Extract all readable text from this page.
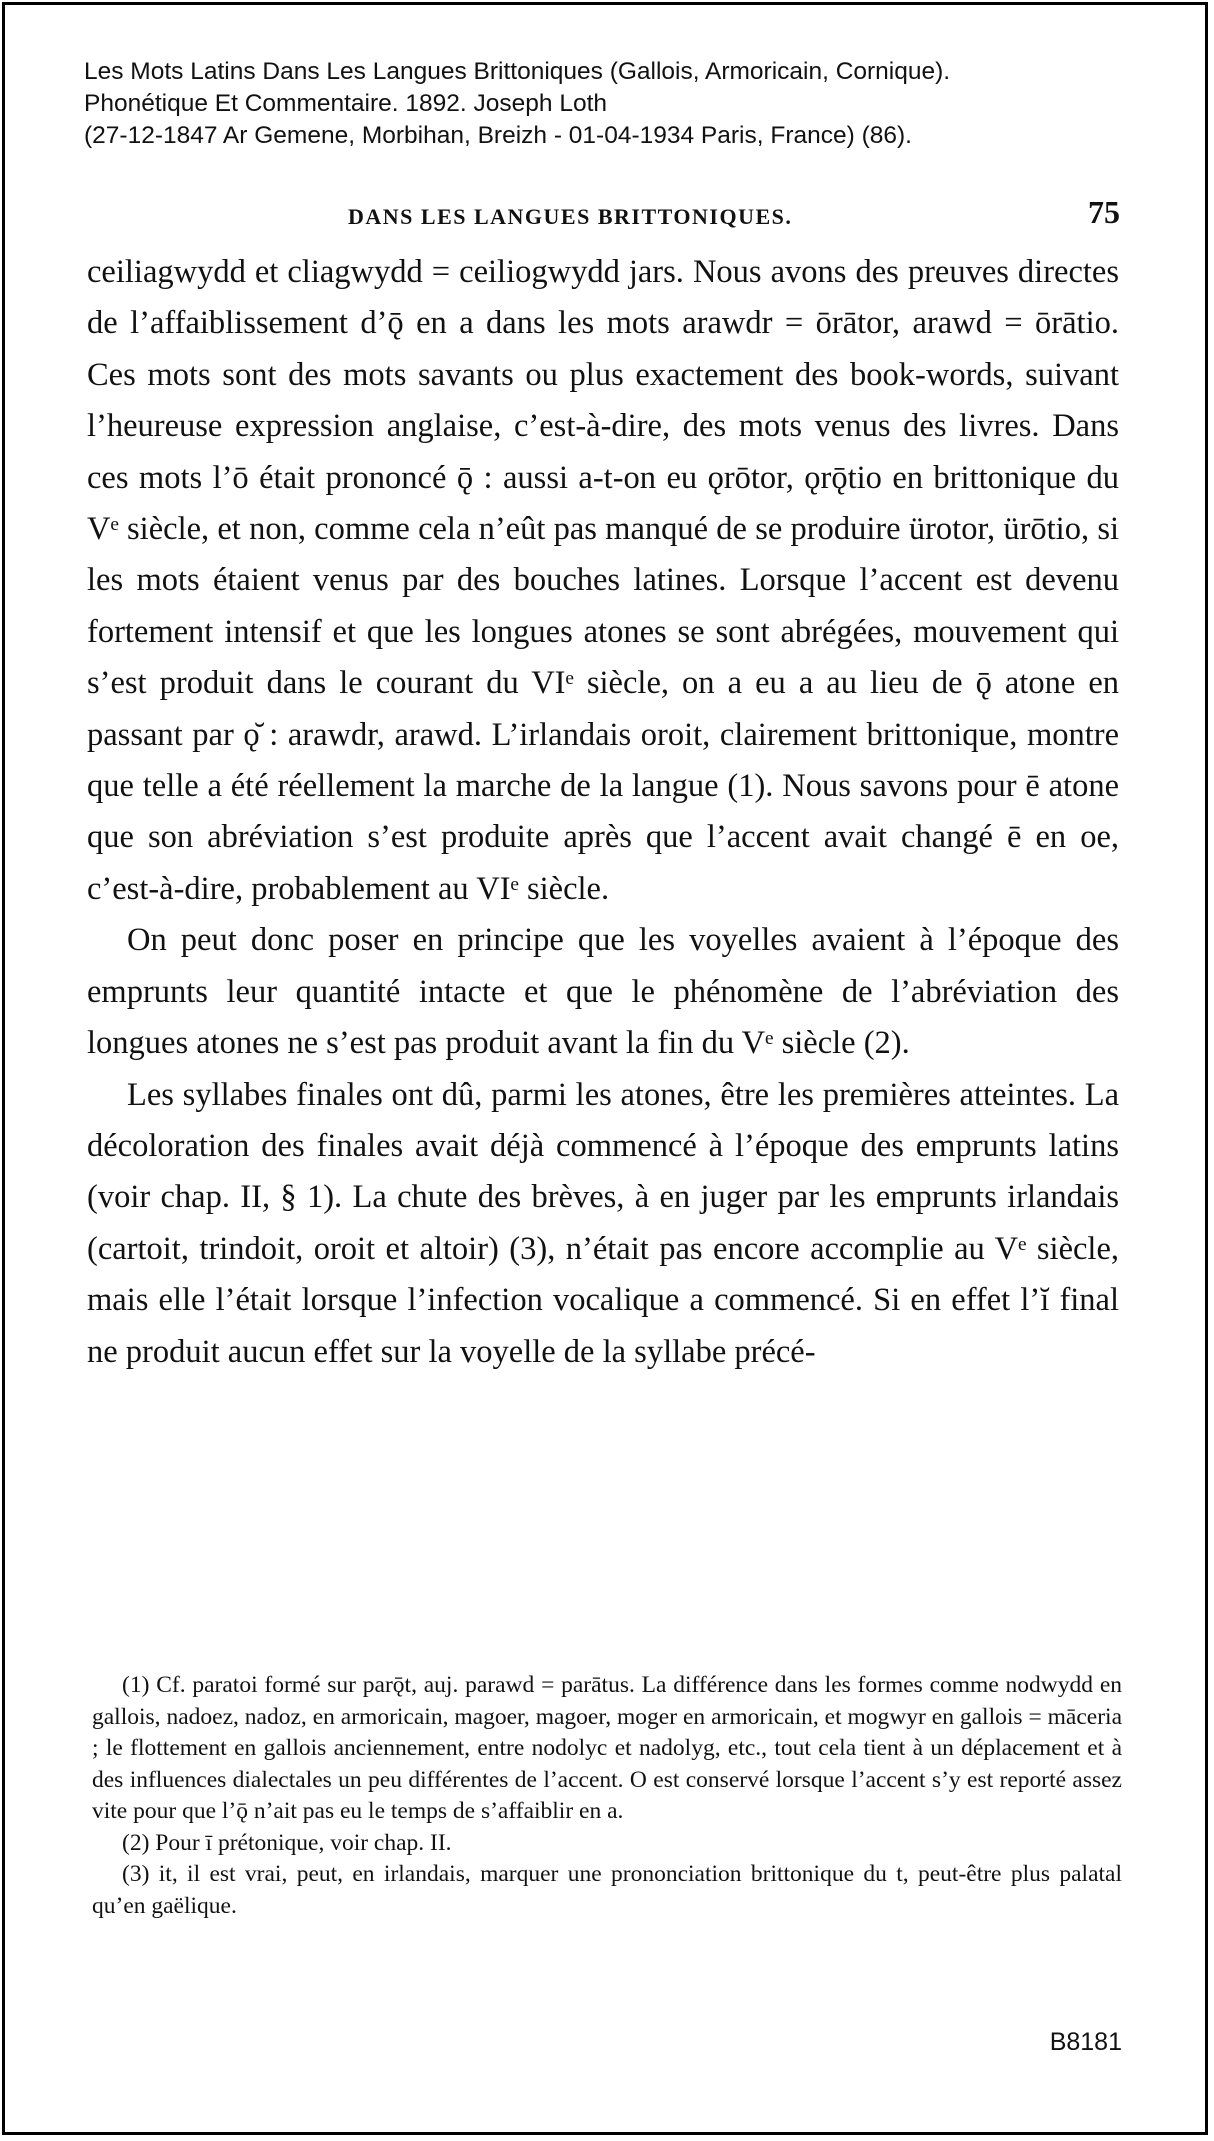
Les Mots Latins Dans Les Langues Brittoniques (Gallois, Armoricain, Cornique).
Phonétique Et Commentaire. 1892. Joseph Loth
(27-12-1847 Ar Gemene, Morbihan, Breizh - 01-04-1934 Paris, France) (86).
DANS LES LANGUES BRITTONIQUES.	75

ceiliagwydd et cliagwydd = ceiliogwydd jars. Nous avons des preuves directes de l’affaiblissement d’ǭ en a dans les mots arawdr = ōrātor, arawd = ōrātio. Ces mots sont des mots savants ou plus exactement des book-words, suivant l’heureuse expression anglaise, c’est-à-dire, des mots venus des livres. Dans ces mots l’ō était prononcé ǭ : aussi a-t-on eu ǫrōtor, ǫrǭtio en brittonique du Vᵉ siècle, et non, comme cela n’eût pas manqué de se produire ürotor, ürōtio, si les mots étaient venus par des bouches latines. Lorsque l’accent est devenu fortement intensif et que les longues atones se sont abrégées, mouvement qui s’est produit dans le courant du VIᵉ siècle, on a eu a au lieu de ǭ atone en passant par ǫ̆ : arawdr, arawd. L’irlandais oroit, clairement brittonique, montre que telle a été réellement la marche de la langue (1). Nous savons pour ē atone que son abréviation s’est produite après que l’accent avait changé ē en oe, c’est-à-dire, probablement au VIᵉ siècle.

On peut donc poser en principe que les voyelles avaient à l’époque des emprunts leur quantité intacte et que le phénomène de l’abréviation des longues atones ne s’est pas produit avant la fin du Vᵉ siècle (2).

Les syllabes finales ont dû, parmi les atones, être les premières atteintes. La décoloration des finales avait déjà commencé à l’époque des emprunts latins (voir chap. II, § 1). La chute des brèves, à en juger par les emprunts irlandais (cartoit, trindoit, oroit et altoir) (3), n’était pas encore accomplie au Vᵉ siècle, mais elle l’était lorsque l’infection vocalique a commencé. Si en effet l’ĭ final ne produit aucun effet sur la voyelle de la syllabe précé-

(1) Cf. paratoi formé sur parǭt, auj. parawd = parātus. La différence dans les formes comme nodwydd en gallois, nadoez, nadoz, en armoricain, magoer, magoer, moger en armoricain, et mogwyr en gallois = māceria ; le flottement en gallois anciennement, entre nodolyc et nadolyg, etc., tout cela tient à un déplacement et à des influences dialectales un peu différentes de l’accent. O est conservé lorsque l’accent s’y est reporté assez vite pour que l’ǭ n’ait pas eu le temps de s’affaiblir en a.

(2) Pour ī prétonique, voir chap. II.

(3) it, il est vrai, peut, en irlandais, marquer une prononciation brittonique du t, peut-être plus palatal qu’en gaëlique.

B8181
